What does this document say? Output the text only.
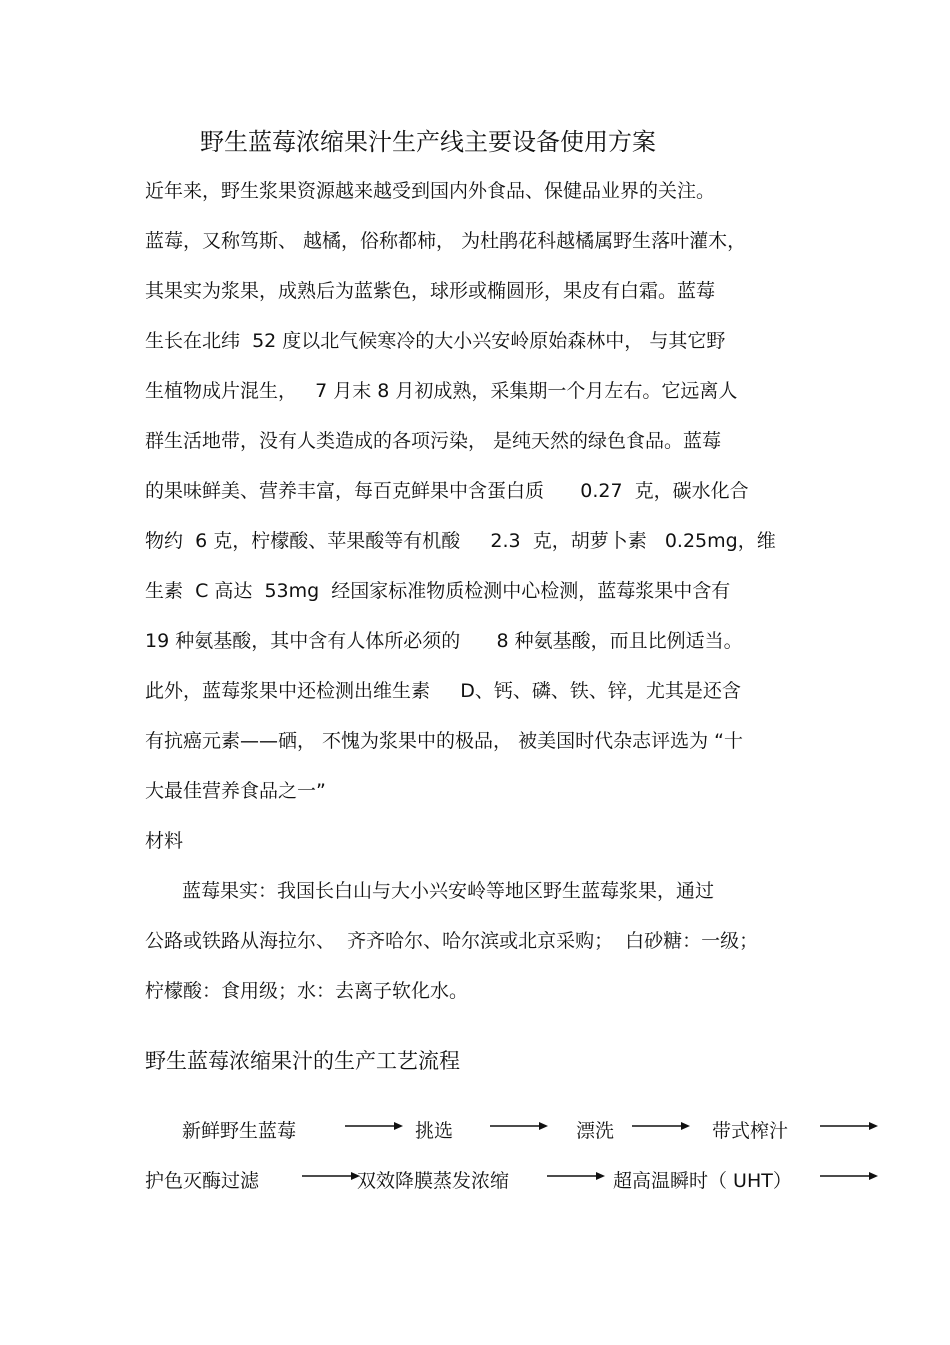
野生蓝莓浓缩果汁生产线主要设备使用方案
近年来，野生浆果资源越来越受到国内外食品、保健品业界的关注。
蓝莓，又称笃斯、 越橘，俗称都柿， 为杜鹃花科越橘属野生落叶灌木，
其果实为浆果，成熟后为蓝紫色，球形或椭圆形，果皮有白霜。蓝莓
生长在北纬  52 度以北气候寒冷的大小兴安岭原始森林中， 与其它野
生植物成片混生，   7 月末 8 月初成熟，采集期一个月左右。它远离人
群生活地带，没有人类造成的各项污染， 是纯天然的绿色食品。蓝莓
的果味鲜美、营养丰富，每百克鲜果中含蛋白质      0.27  克，碳水化合
物约  6 克，柠檬酸、苹果酸等有机酸     2.3  克，胡萝卜素   0.25mg，维
生素  C 高达  53mg  经国家标准物质检测中心检测，蓝莓浆果中含有
19 种氨基酸，其中含有人体所必须的      8 种氨基酸，而且比例适当。
此外，蓝莓浆果中还检测出维生素     D、钙、磷、铁、锌，尤其是还含
有抗癌元素——硒， 不愧为浆果中的极品， 被美国时代杂志评选为 “十
大最佳营养食品之一”
材料
蓝莓果实：我国长白山与大小兴安岭等地区野生蓝莓浆果，通过
公路或铁路从海拉尔、  齐齐哈尔、哈尔滨或北京采购；  白砂糖：一级；
柠檬酸：食用级；水：去离子软化水。
野生蓝莓浓缩果汁的生产工艺流程
新鲜野生蓝莓	挑选	漂洗	带式榨汁
护色灭酶过滤	双效降膜蒸发浓缩	超高温瞬时（ UHT）
